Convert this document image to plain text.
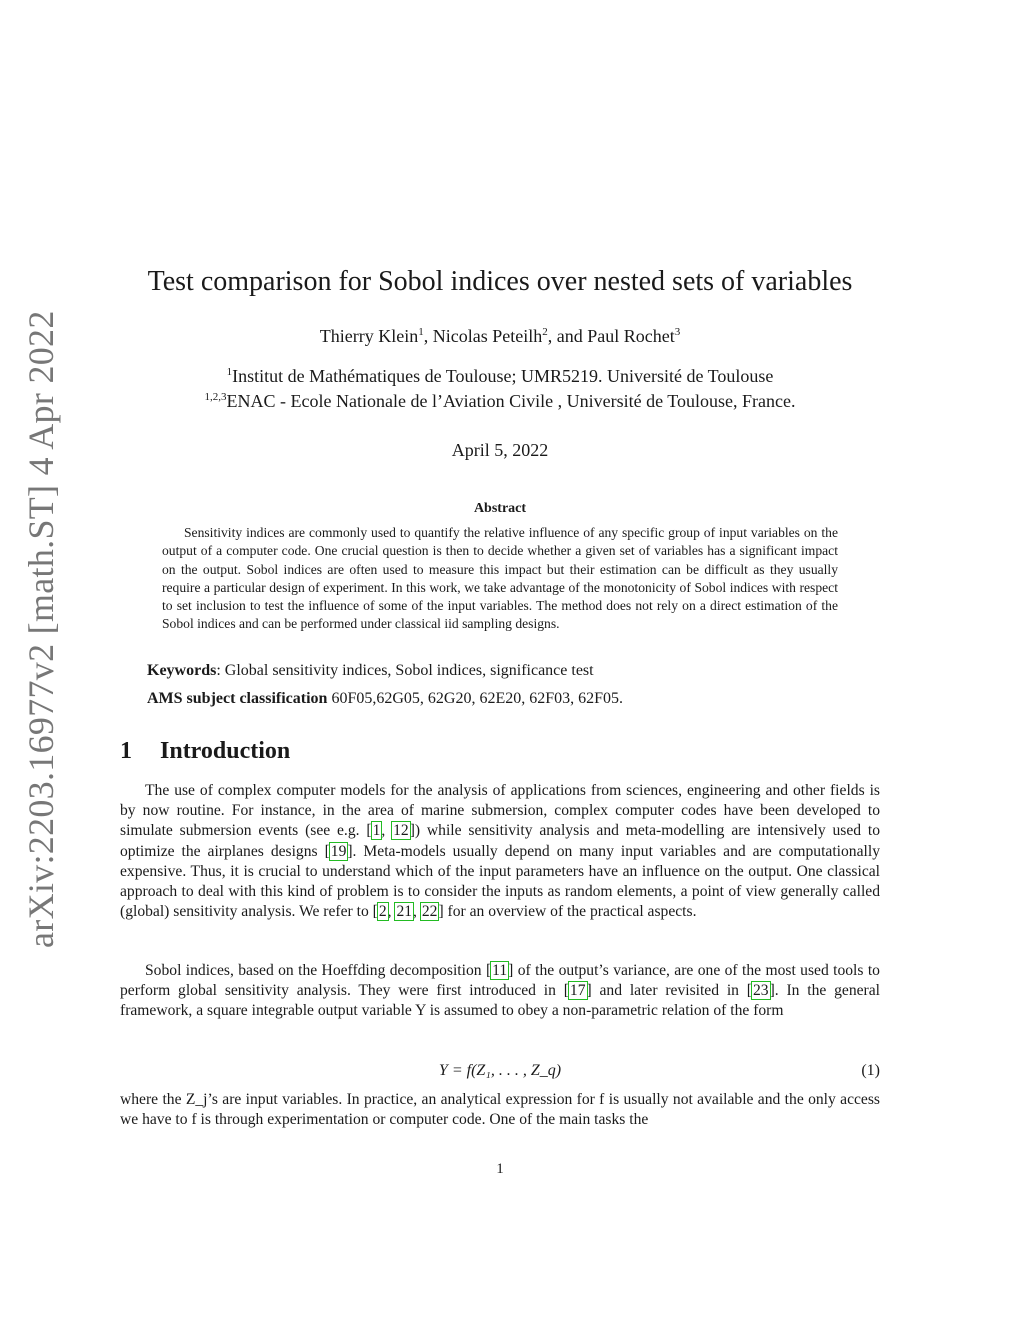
arXiv:2203.16977v2 [math.ST] 4 Apr 2022
Test comparison for Sobol indices over nested sets of variables
Thierry Klein$^1$, Nicolas Peteilh$^2$, and Paul Rochet$^3$
$^1$Institut de Mathématiques de Toulouse; UMR5219. Université de Toulouse
$^{1,2,3}$ENAC - Ecole Nationale de l’Aviation Civile , Université de Toulouse, France.
April 5, 2022
Abstract

Sensitivity indices are commonly used to quantify the relative influence of any specific group of input variables on the output of a computer code. One crucial question is then to decide whether a given set of variables has a significant impact on the output. Sobol indices are often used to measure this impact but their estimation can be difficult as they usually require a particular design of experiment. In this work, we take advantage of the monotonicity of Sobol indices with respect to set inclusion to test the influence of some of the input variables. The method does not rely on a direct estimation of the Sobol indices and can be performed under classical iid sampling designs.

Keywords: Global sensitivity indices, Sobol indices, significance test
AMS subject classification 60F05,62G05, 62G20, 62E20, 62F03, 62F05.
1 Introduction

The use of complex computer models for the analysis of applications from sciences, engineering and other fields is by now routine. For instance, in the area of marine submersion, complex computer codes have been developed to simulate submersion events (see e.g. [1, 12]) while sensitivity analysis and meta-modelling are intensively used to optimize the airplanes designs [19]. Meta-models usually depend on many input variables and are computationally expensive. Thus, it is crucial to understand which of the input parameters have an influence on the output. One classical approach to deal with this kind of problem is to consider the inputs as random elements, a point of view generally called (global) sensitivity analysis. We refer to [2, 21, 22] for an overview of the practical aspects.

Sobol indices, based on the Hoeffding decomposition [11] of the output’s variance, are one of the most used tools to perform global sensitivity analysis. They were first introduced in [17] and later revisited in [23]. In the general framework, a square integrable output variable Y is assumed to obey a non-parametric relation of the form

Y = f(Z₁, . . . , Z_q)	(1)

where the Z_j’s are input variables. In practice, an analytical expression for f is usually not available and the only access we have to f is through experimentation or computer code. One of the main tasks the

1
